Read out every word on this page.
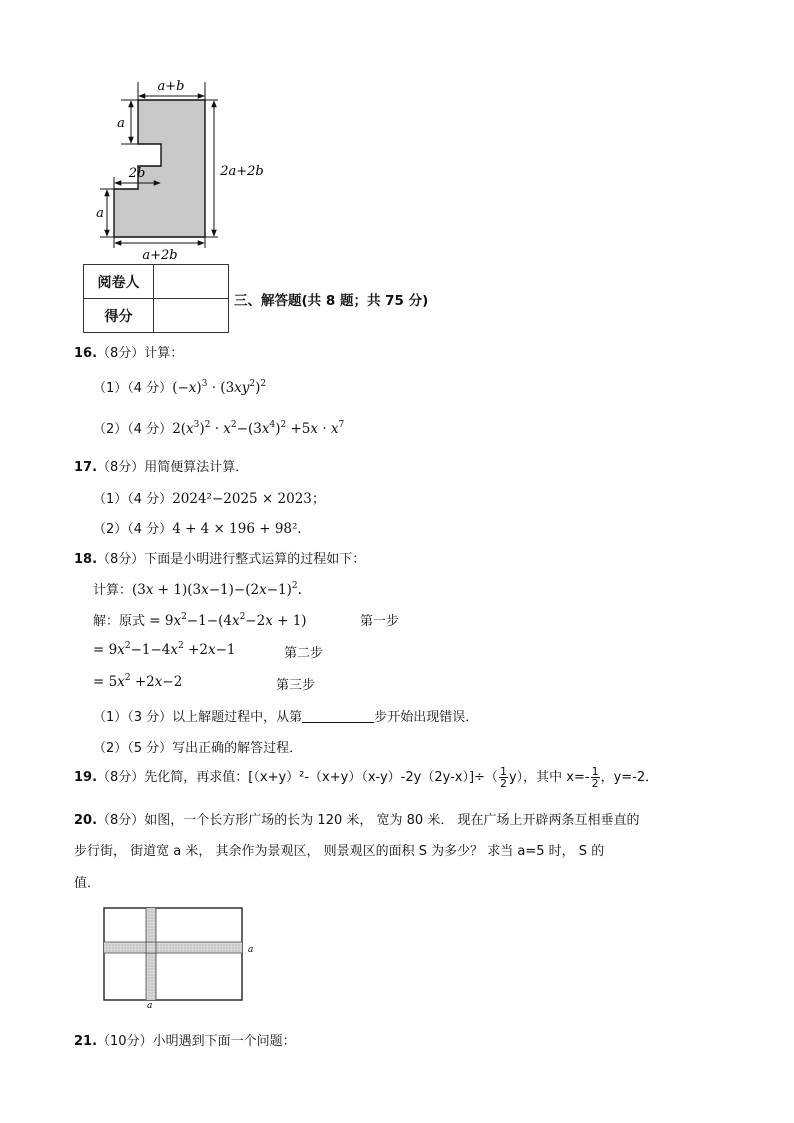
a+b
a
2b
a
2a+2b
a+2b
阅卷人	
得分	
三、解答题(共 8 题；共 75 分)
16.（8分）计算：
（1）（4 分）$(-x)^3 \cdot (3xy^2)^2$
（2）（4 分）$2(x^3)^2 \cdot x^2-(3x^4)^2 +5x \cdot x^7$
17.（8分）用简便算法计算．
（1）（4 分）2024²−2025 × 2023；
（2）（4 分）4 + 4 × 196 + 98²．
18.（8分）下面是小明进行整式运算的过程如下：
计算：$(3x + 1)(3x-1)-(2x-1)^2$.
解：原式 = $9x^2-1-(4x^2-2x + 1)$	第一步
= $9x^2-1-4x^2 +2x-1$	第二步
= $5x^2 +2x-2$	第三步
（1）（3 分）以上解题过程中，从第	步开始出现错误．
（2）（5 分）写出正确的解答过程．
19.（8分）先化简，再求值：$[(x+y)^2-(x+y)(x-y)-2y(2y-x)]\div( \frac{1}{2} y)$，其中 $x=- \frac{1}{2}$ ，y=-2．
20.（8分）如图，一个长方形广场的长为 120 米， 宽为 80 米． 现在广场上开辟两条互相垂直的
步行街， 街道宽 a 米， 其余作为景观区， 则景观区的面积 S 为多少？ 求当 a=5 时， S 的
值．
a
a
21.（10分）小明遇到下面一个问题：
